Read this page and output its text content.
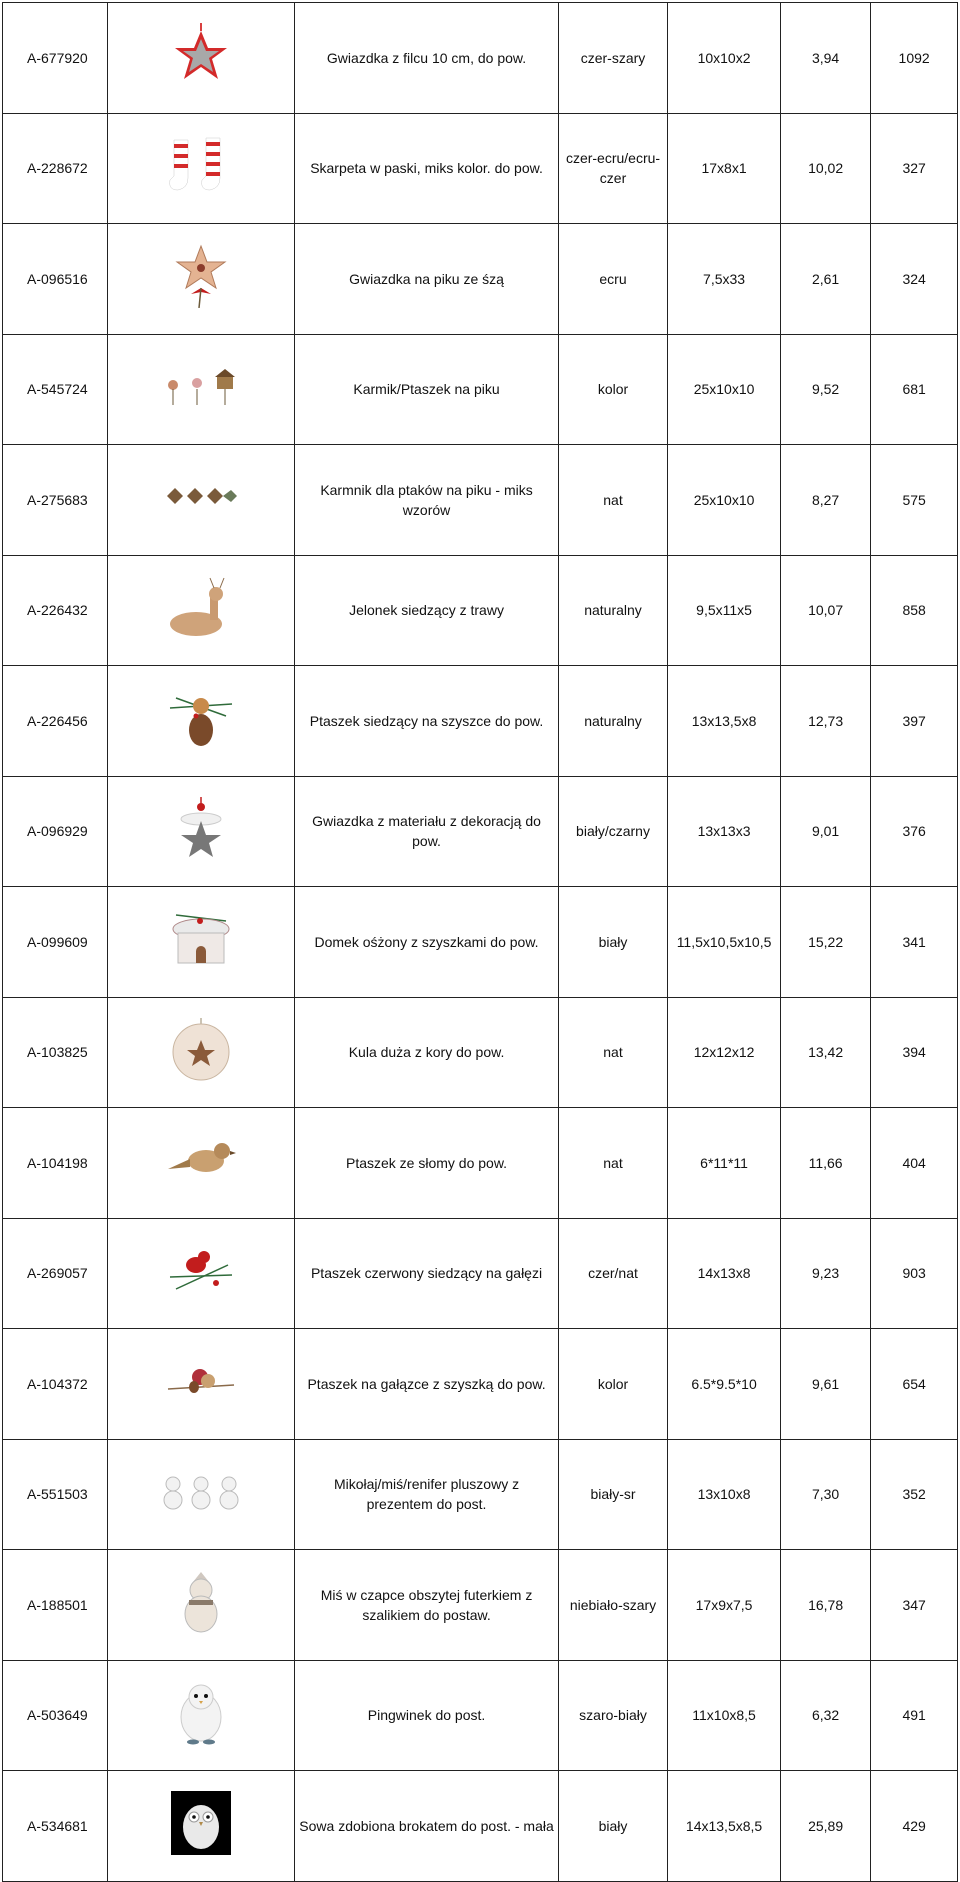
A-677920		Gwiazdka z filcu 10 cm, do pow.	czer-szary	10x10x2	3,94	1092
A-228672		Skarpeta w paski, miks kolor. do pow.	czer-ecru/ecru-czer	17x8x1	10,02	327
A-096516		Gwiazdka na piku ze śzą	ecru	7,5x33	2,61	324
A-545724		Karmik/Ptaszek na piku	kolor	25x10x10	9,52	681
A-275683		Karmnik dla ptaków na piku - miks wzorów	nat	25x10x10	8,27	575
A-226432		Jelonek siedzący z trawy	naturalny	9,5x11x5	10,07	858
A-226456		Ptaszek siedzący na szyszce do pow.	naturalny	13x13,5x8	12,73	397
A-096929		Gwiazdka z materiału z dekoracją do pow.	biały/czarny	13x13x3	9,01	376
A-099609		Domek ośżony z szyszkami do pow.	biały	11,5x10,5x10,5	15,22	341
A-103825		Kula duża z kory do pow.	nat	12x12x12	13,42	394
A-104198		Ptaszek ze słomy do pow.	nat	6*11*11	11,66	404
A-269057		Ptaszek czerwony siedzący na gałęzi	czer/nat	14x13x8	9,23	903
A-104372		Ptaszek na gałązce z szyszką do pow.	kolor	6.5*9.5*10	9,61	654
A-551503		Mikołaj/miś/renifer pluszowy z prezentem do post.	biały-sr	13x10x8	7,30	352
A-188501		Miś w czapce obszytej futerkiem z szalikiem do postaw.	niebiało-szary	17x9x7,5	16,78	347
A-503649		Pingwinek do post.	szaro-biały	11x10x8,5	6,32	491
A-534681		Sowa zdobiona brokatem do post. - mała	biały	14x13,5x8,5	25,89	429
